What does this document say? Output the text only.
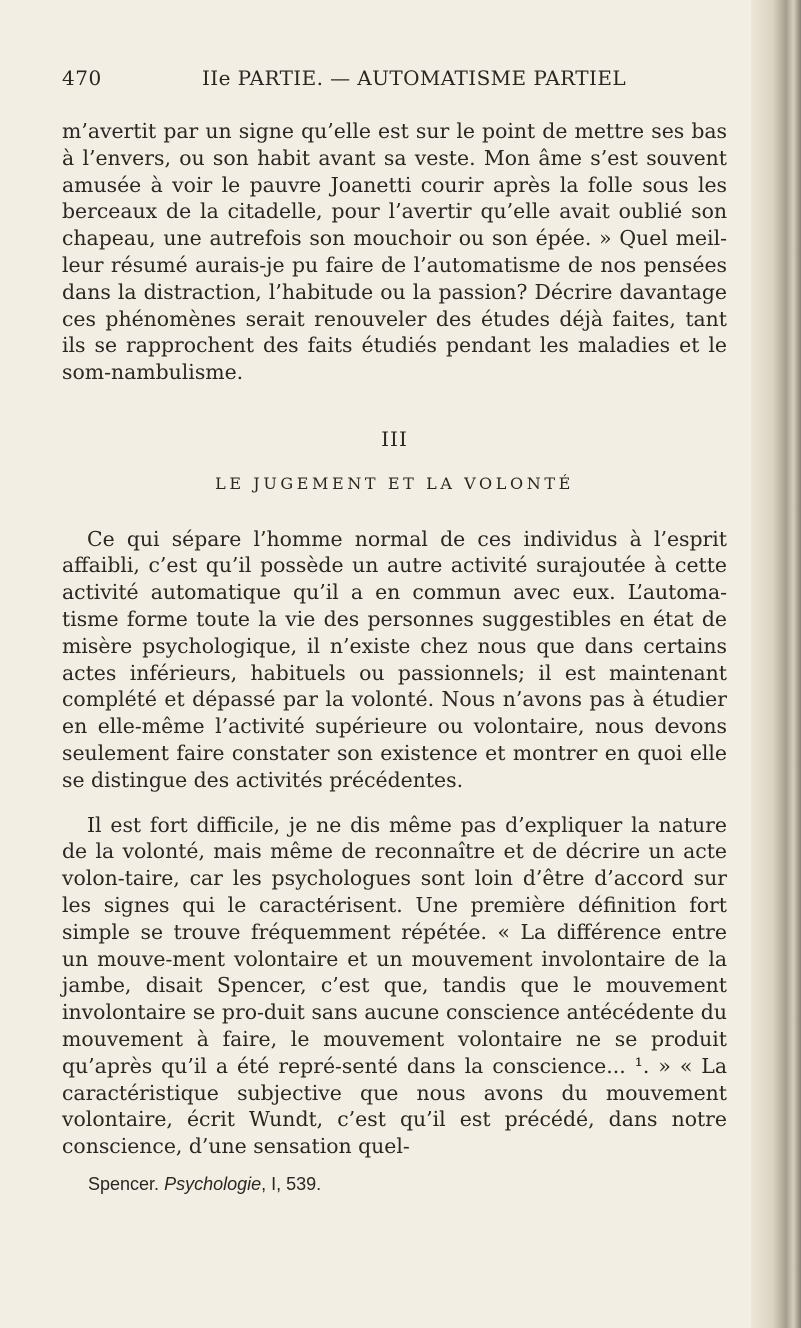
470	IIe PARTIE. — AUTOMATISME PARTIEL

m’avertit par un signe qu’elle est sur le point de mettre ses bas à l’envers, ou son habit avant sa veste. Mon âme s’est souvent amusée à voir le pauvre Joanetti courir après la folle sous les berceaux de la citadelle, pour l’avertir qu’elle avait oublié son chapeau, une autrefois son mouchoir ou son épée. » Quel meil-leur résumé aurais-je pu faire de l’automatisme de nos pensées dans la distraction, l’habitude ou la passion? Décrire davantage ces phénomènes serait renouveler des études déjà faites, tant ils se rapprochent des faits étudiés pendant les maladies et le som-nambulisme.

III
LE JUGEMENT ET LA VOLONTÉ

Ce qui sépare l’homme normal de ces individus à l’esprit affaibli, c’est qu’il possède un autre activité surajoutée à cette activité automatique qu’il a en commun avec eux. L’automa-tisme forme toute la vie des personnes suggestibles en état de misère psychologique, il n’existe chez nous que dans certains actes inférieurs, habituels ou passionnels; il est maintenant complété et dépassé par la volonté. Nous n’avons pas à étudier en elle-même l’activité supérieure ou volontaire, nous devons seulement faire constater son existence et montrer en quoi elle se distingue des activités précédentes.

Il est fort difficile, je ne dis même pas d’expliquer la nature de la volonté, mais même de reconnaître et de décrire un acte volon-taire, car les psychologues sont loin d’être d’accord sur les signes qui le caractérisent. Une première définition fort simple se trouve fréquemment répétée. « La différence entre un mouve-ment volontaire et un mouvement involontaire de la jambe, disait Spencer, c’est que, tandis que le mouvement involontaire se pro-duit sans aucune conscience antécédente du mouvement à faire, le mouvement volontaire ne se produit qu’après qu’il a été repré-senté dans la conscience... ¹. » « La caractéristique subjective que nous avons du mouvement volontaire, écrit Wundt, c’est qu’il est précédé, dans notre conscience, d’une sensation quel-

Spencer. Psychologie, I, 539.
